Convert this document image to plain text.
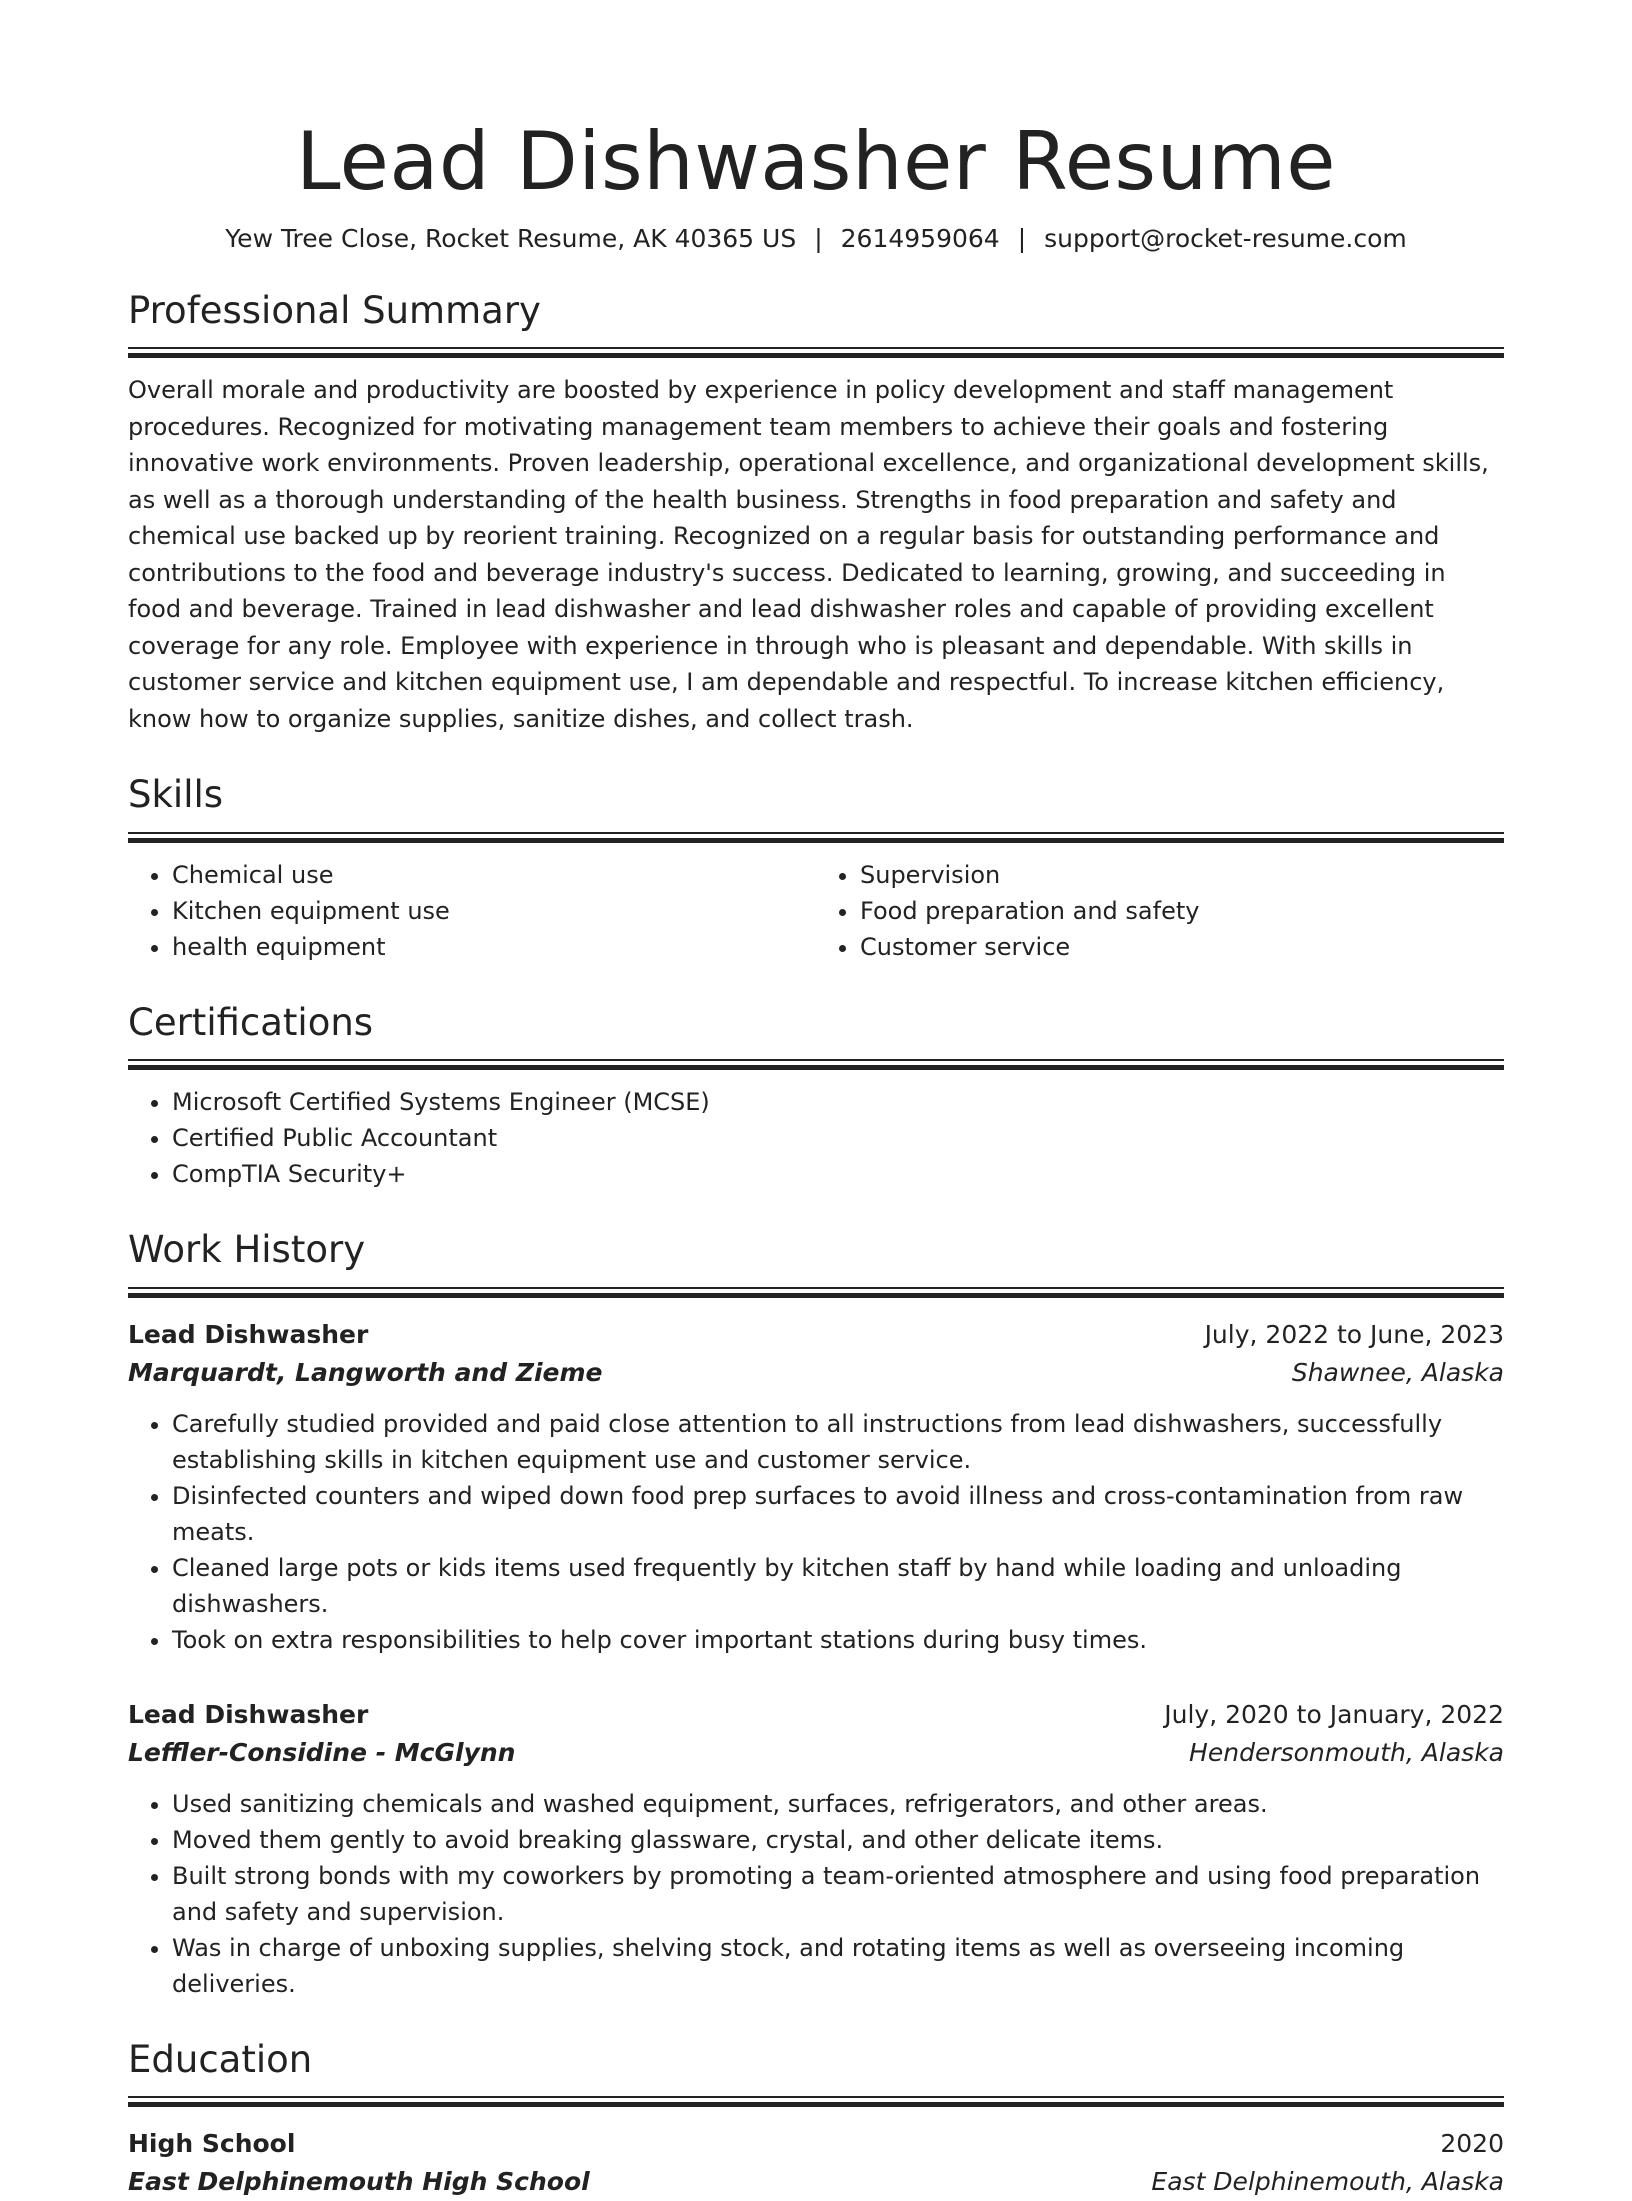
Lead Dishwasher Resume
Yew Tree Close, Rocket Resume, AK 40365 US | 2614959064 | support@rocket-resume.com
Professional Summary

Overall morale and productivity are boosted by experience in policy development and staff management procedures. Recognized for motivating management team members to achieve their goals and fostering innovative work environments. Proven leadership, operational excellence, and organizational development skills, as well as a thorough understanding of the health business. Strengths in food preparation and safety and chemical use backed up by reorient training. Recognized on a regular basis for outstanding performance and contributions to the food and beverage industry's success. Dedicated to learning, growing, and succeeding in food and beverage. Trained in lead dishwasher and lead dishwasher roles and capable of providing excellent coverage for any role. Employee with experience in through who is pleasant and dependable. With skills in customer service and kitchen equipment use, I am dependable and respectful. To increase kitchen efficiency, know how to organize supplies, sanitize dishes, and collect trash.

Skills
• Chemical use
• Kitchen equipment use
• health equipment
• Supervision
• Food preparation and safety
• Customer service
Certifications
• Microsoft Certified Systems Engineer (MCSE)
• Certified Public Accountant
• CompTIA Security+
Work History
Lead Dishwasher	July, 2022 to June, 2023
Marquardt, Langworth and Zieme	Shawnee, Alaska
• Carefully studied provided and paid close attention to all instructions from lead dishwashers, successfully establishing skills in kitchen equipment use and customer service.
• Disinfected counters and wiped down food prep surfaces to avoid illness and cross-contamination from raw meats.
• Cleaned large pots or kids items used frequently by kitchen staff by hand while loading and unloading dishwashers.
• Took on extra responsibilities to help cover important stations during busy times.
Lead Dishwasher	July, 2020 to January, 2022
Leffler-Considine - McGlynn	Hendersonmouth, Alaska
• Used sanitizing chemicals and washed equipment, surfaces, refrigerators, and other areas.
• Moved them gently to avoid breaking glassware, crystal, and other delicate items.
• Built strong bonds with my coworkers by promoting a team-oriented atmosphere and using food preparation and safety and supervision.
• Was in charge of unboxing supplies, shelving stock, and rotating items as well as overseeing incoming deliveries.
Education
High School	2020
East Delphinemouth High School	East Delphinemouth, Alaska
